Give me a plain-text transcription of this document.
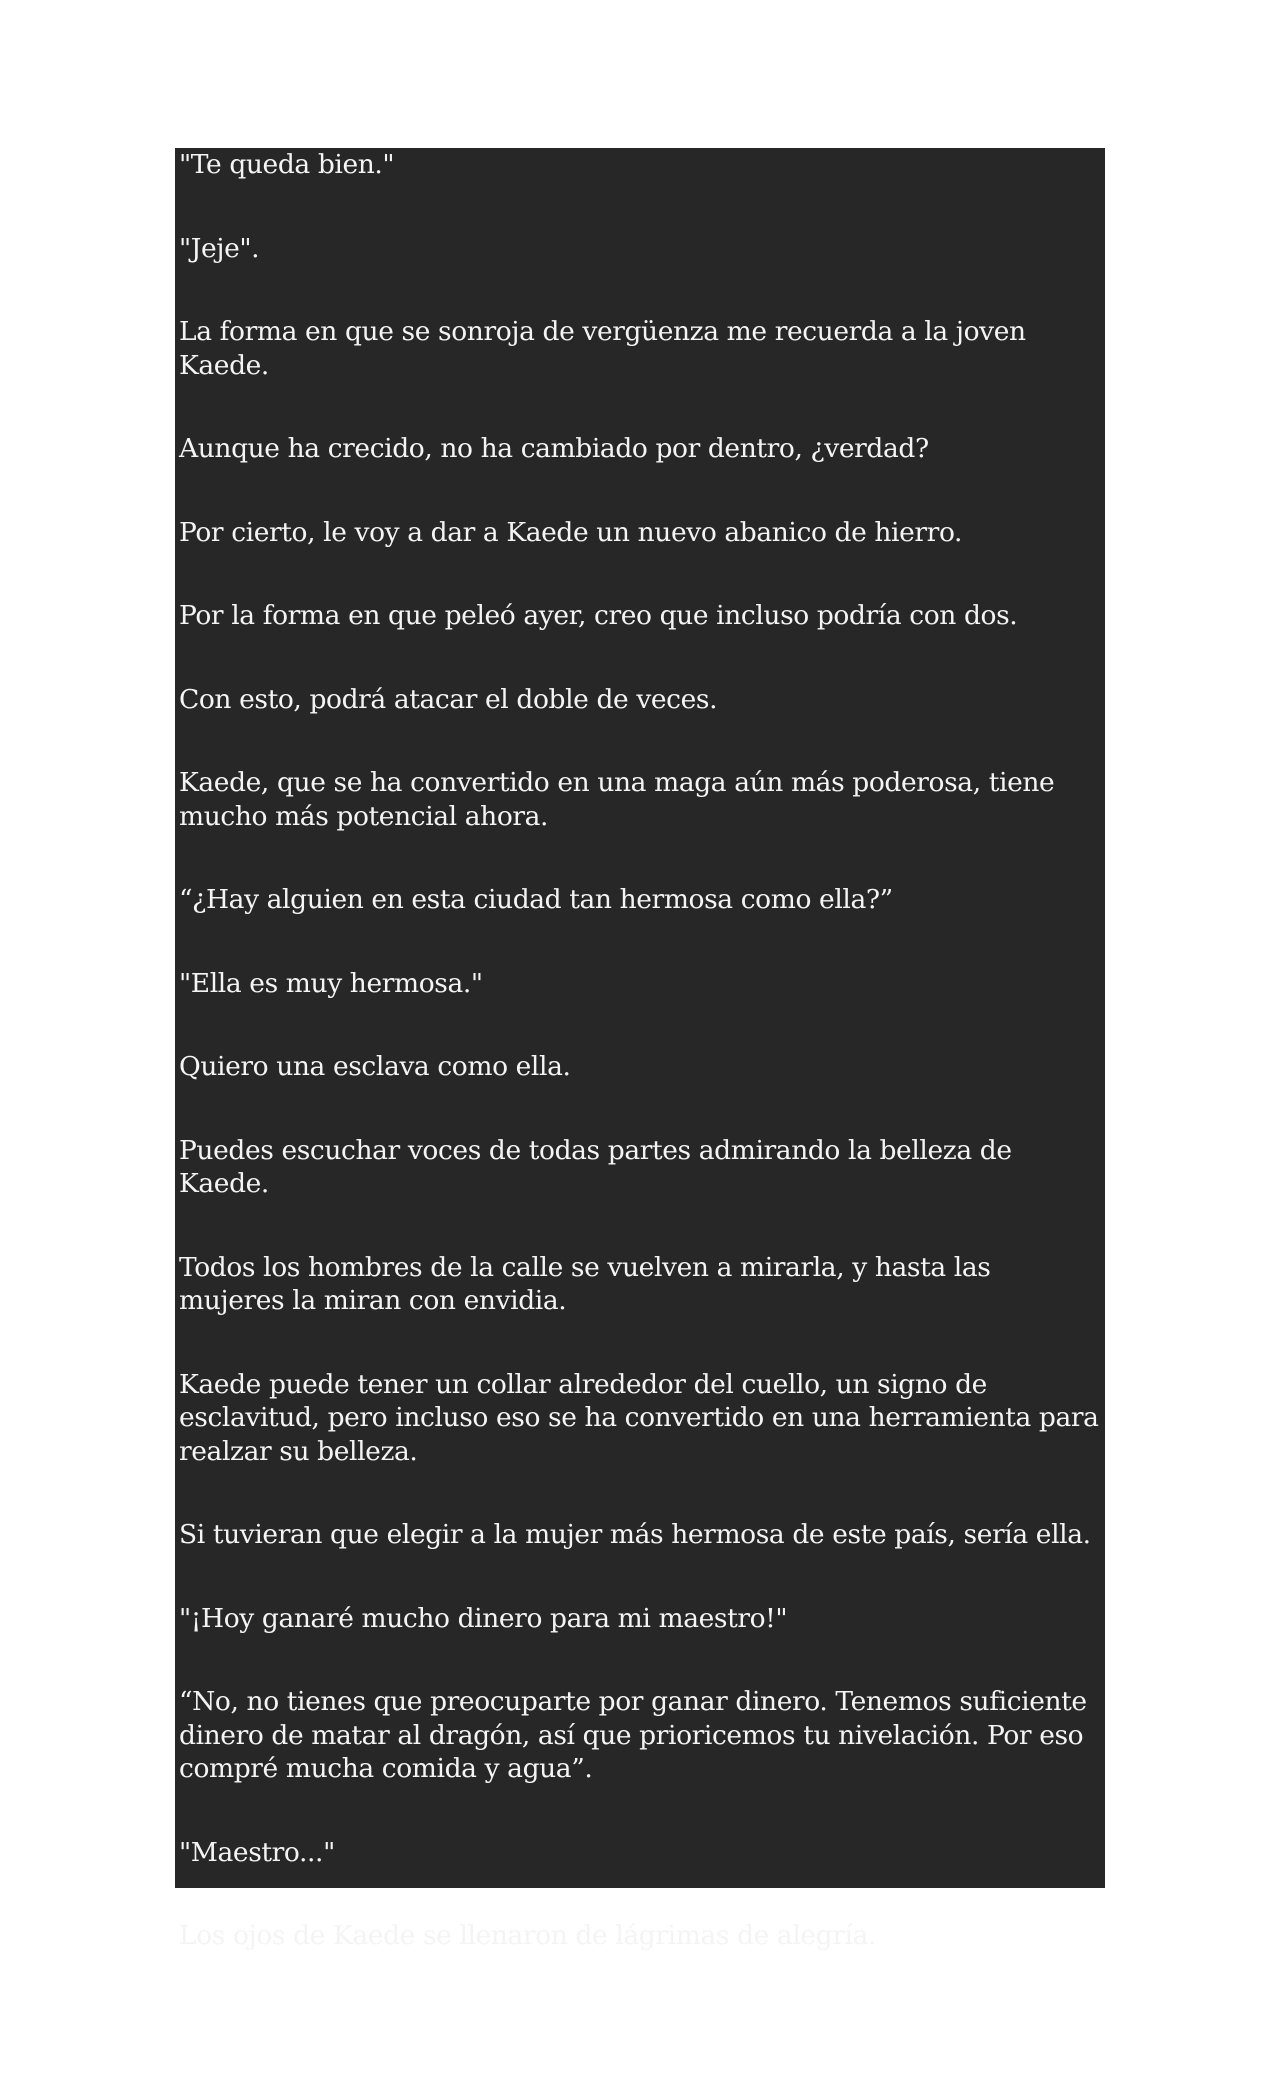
"Te queda bien."

"Jeje".

La forma en que se sonroja de vergüenza me recuerda a la joven Kaede.

Aunque ha crecido, no ha cambiado por dentro, ¿verdad?

Por cierto, le voy a dar a Kaede un nuevo abanico de hierro.

Por la forma en que peleó ayer, creo que incluso podría con dos.

Con esto, podrá atacar el doble de veces.

Kaede, que se ha convertido en una maga aún más poderosa, tiene mucho más potencial ahora.

“¿Hay alguien en esta ciudad tan hermosa como ella?”

"Ella es muy hermosa."

Quiero una esclava como ella.

Puedes escuchar voces de todas partes admirando la belleza de Kaede.

Todos los hombres de la calle se vuelven a mirarla, y hasta las mujeres la miran con envidia.

Kaede puede tener un collar alrededor del cuello, un signo de esclavitud, pero incluso eso se ha convertido en una herramienta para realzar su belleza.

Si tuvieran que elegir a la mujer más hermosa de este país, sería ella.

"¡Hoy ganaré mucho dinero para mi maestro!"

“No, no tienes que preocuparte por ganar dinero. Tenemos suficiente dinero de matar al dragón, así que prioricemos tu nivelación. Por eso compré mucha comida y agua”.

"Maestro..."

Los ojos de Kaede se llenaron de lágrimas de alegría.
